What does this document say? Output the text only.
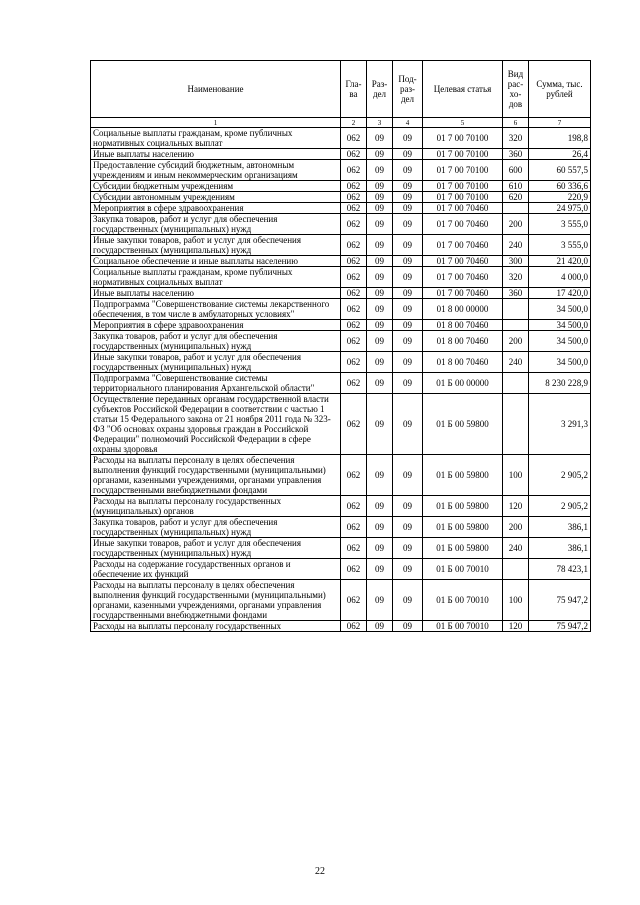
Наименование	Гла-ва	Раз-дел	Под-раз-дел	Целевая статья	Вид рас-хо-дов	Сумма, тыс. рублей
1	2	3	4	5	6	7
Социальные выплаты гражданам, кроме публичных нормативных социальных выплат	062	09	09	01 7 00 70100	320	198,8
Иные выплаты населению	062	09	09	01 7 00 70100	360	26,4
Предоставление субсидий бюджетным, автономным учреждениям и иным некоммерческим организациям	062	09	09	01 7 00 70100	600	60 557,5
Субсидии бюджетным учреждениям	062	09	09	01 7 00 70100	610	60 336,6
Субсидии автономным учреждениям	062	09	09	01 7 00 70100	620	220,9
Мероприятия в сфере здравоохранения	062	09	09	01 7 00 70460		24 975,0
Закупка товаров, работ и услуг для обеспечения государственных (муниципальных) нужд	062	09	09	01 7 00 70460	200	3 555,0
Иные закупки товаров, работ и услуг для обеспечения государственных (муниципальных) нужд	062	09	09	01 7 00 70460	240	3 555,0
Социальное обеспечение и иные выплаты населению	062	09	09	01 7 00 70460	300	21 420,0
Социальные выплаты гражданам, кроме публичных нормативных социальных выплат	062	09	09	01 7 00 70460	320	4 000,0
Иные выплаты населению	062	09	09	01 7 00 70460	360	17 420,0
Подпрограмма "Совершенствование системы лекарственного обеспечения, в том числе в амбулаторных условиях"	062	09	09	01 8 00 00000		34 500,0
Мероприятия в сфере здравоохранения	062	09	09	01 8 00 70460		34 500,0
Закупка товаров, работ и услуг для обеспечения государственных (муниципальных) нужд	062	09	09	01 8 00 70460	200	34 500,0
Иные закупки товаров, работ и услуг для обеспечения государственных (муниципальных) нужд	062	09	09	01 8 00 70460	240	34 500,0
Подпрограмма "Совершенствование системы территориального планирования Архангельской области"	062	09	09	01 Б 00 00000		8 230 228,9
Осуществление переданных органам государственной власти субъектов Российской Федерации в соответствии с частью 1 статьи 15 Федерального закона от 21 ноября 2011 года № 323-ФЗ "Об основах охраны здоровья граждан в Российской Федерации" полномочий Российской Федерации в сфере охраны здоровья	062	09	09	01 Б 00 59800		3 291,3
Расходы на выплаты персоналу в целях обеспечения выполнения функций государственными (муниципальными) органами, казенными учреждениями, органами управления государственными внебюджетными фондами	062	09	09	01 Б 00 59800	100	2 905,2
Расходы на выплаты персоналу государственных (муниципальных) органов	062	09	09	01 Б 00 59800	120	2 905,2
Закупка товаров, работ и услуг для обеспечения государственных (муниципальных) нужд	062	09	09	01 Б 00 59800	200	386,1
Иные закупки товаров, работ и услуг для обеспечения государственных (муниципальных) нужд	062	09	09	01 Б 00 59800	240	386,1
Расходы на содержание государственных органов и обеспечение их функций	062	09	09	01 Б 00 70010		78 423,1
Расходы на выплаты персоналу в целях обеспечения выполнения функций государственными (муниципальными) органами, казенными учреждениями, органами управления государственными внебюджетными фондами	062	09	09	01 Б 00 70010	100	75 947,2
Расходы на выплаты персоналу государственных	062	09	09	01 Б 00 70010	120	75 947,2
22
